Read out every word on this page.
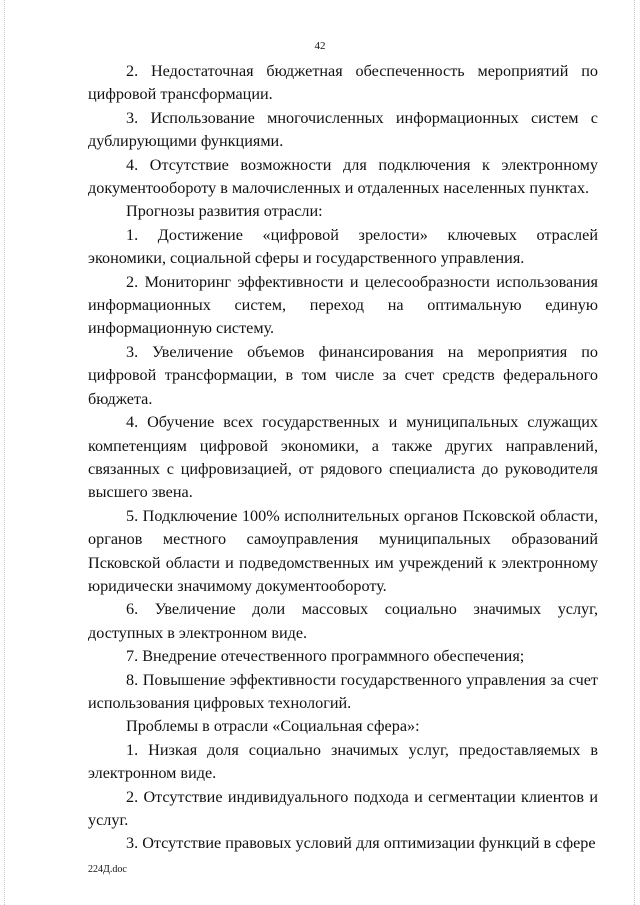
42

2. Недостаточная бюджетная обеспеченность мероприятий по цифровой трансформации.

3. Использование многочисленных информационных систем с дублирующими функциями.

4. Отсутствие возможности для подключения к электронному документообороту в малочисленных и отдаленных населенных пунктах.

Прогнозы развития отрасли:

1. Достижение «цифровой зрелости» ключевых отраслей экономики, социальной сферы и государственного управления.

2. Мониторинг эффективности и целесообразности использования информационных систем, переход на оптимальную единую информационную систему.

3. Увеличение объемов финансирования на мероприятия по цифровой трансформации, в том числе за счет средств федерального бюджета.

4. Обучение всех государственных и муниципальных служащих компетенциям цифровой экономики, а также других направлений, связанных с цифровизацией, от рядового специалиста до руководителя высшего звена.

5. Подключение 100% исполнительных органов Псковской области, органов местного самоуправления муниципальных образований Псковской области и подведомственных им учреждений к электронному юридически значимому документообороту.

6. Увеличение доли массовых социально значимых услуг, доступных в электронном виде.

7. Внедрение отечественного программного обеспечения;

8. Повышение эффективности государственного управления за счет использования цифровых технологий.

Проблемы в отрасли «Социальная сфера»:

1. Низкая доля социально значимых услуг, предоставляемых в электронном виде.

2. Отсутствие индивидуального подхода и сегментации клиентов и услуг.

3. Отсутствие правовых условий для оптимизации функций в сфере

224Д.doc
